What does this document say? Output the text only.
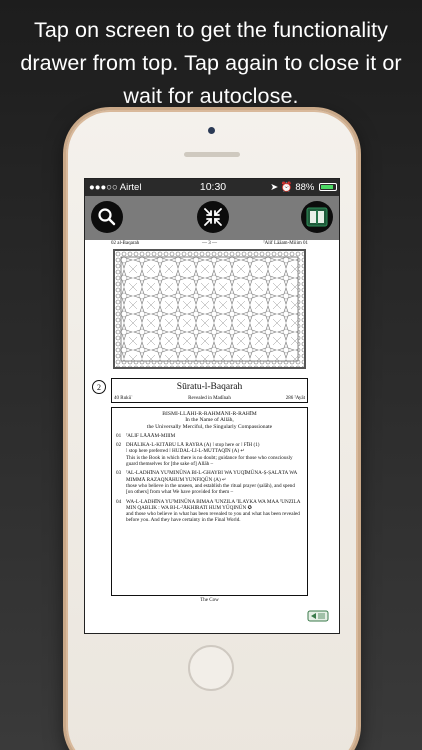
Tap on screen to get the functionality
drawer from top. Tap again to close it or
wait for autoclose.
●●●○○ Airtel	10:30	➤ ⏰ 88%
02 al-Baqarah	— 3 —	ˀAlif Lāāam-Miiim 01
2	Sūratu-l-Baqarah
40 Rukūʿ	Revealed in Madīnah	286 ˀAyāt
BISMI-LLĀHI-R-RAHMĀNI-R-RAHĪM
In the Name of Allāh,
the Universally Merciful, the Singularly Compassionate
01 ˀALIF LĀĀĀM-MIIIM
02 DHĀLIKA-L-KITĀBU LĀ RAYBA (A) ⁞ stop here or ⁞ FĪH (1)
⁞ stop here preferred ⁞ HUDAL-LI-L-MUTTAQĪN (A) ↵
This is the Book in which there is no doubt; guidance for those who consciously guard themselves for [the sake of] Allāh –
03 ˀAL-LADHĪNA YUˀMINŪNA BI-L-GHAYBI WA YUQĪMŪNA-Ṣ-ṢALĀTA WA MIMMĀ RAZAQNĀHUM YUNFIQŪN (A) ↵
those who believe in the unseen, and establish the ritual prayer (ṣalāh), and spend [on others] from what We have provided for them –
04 WA-L-LADHĪNA YUˀMINŪNA BIMAA ˀUNZILA ˀILAYKA WA MAA ˀUNZILA MIN QABLIK : WA BI-L-ˀĀKHIRATI HUM YŪQINŪN ✪
and those who believe in what has been revealed to you and what has been revealed before you. And they have certainty in the Final World.
The Cow
